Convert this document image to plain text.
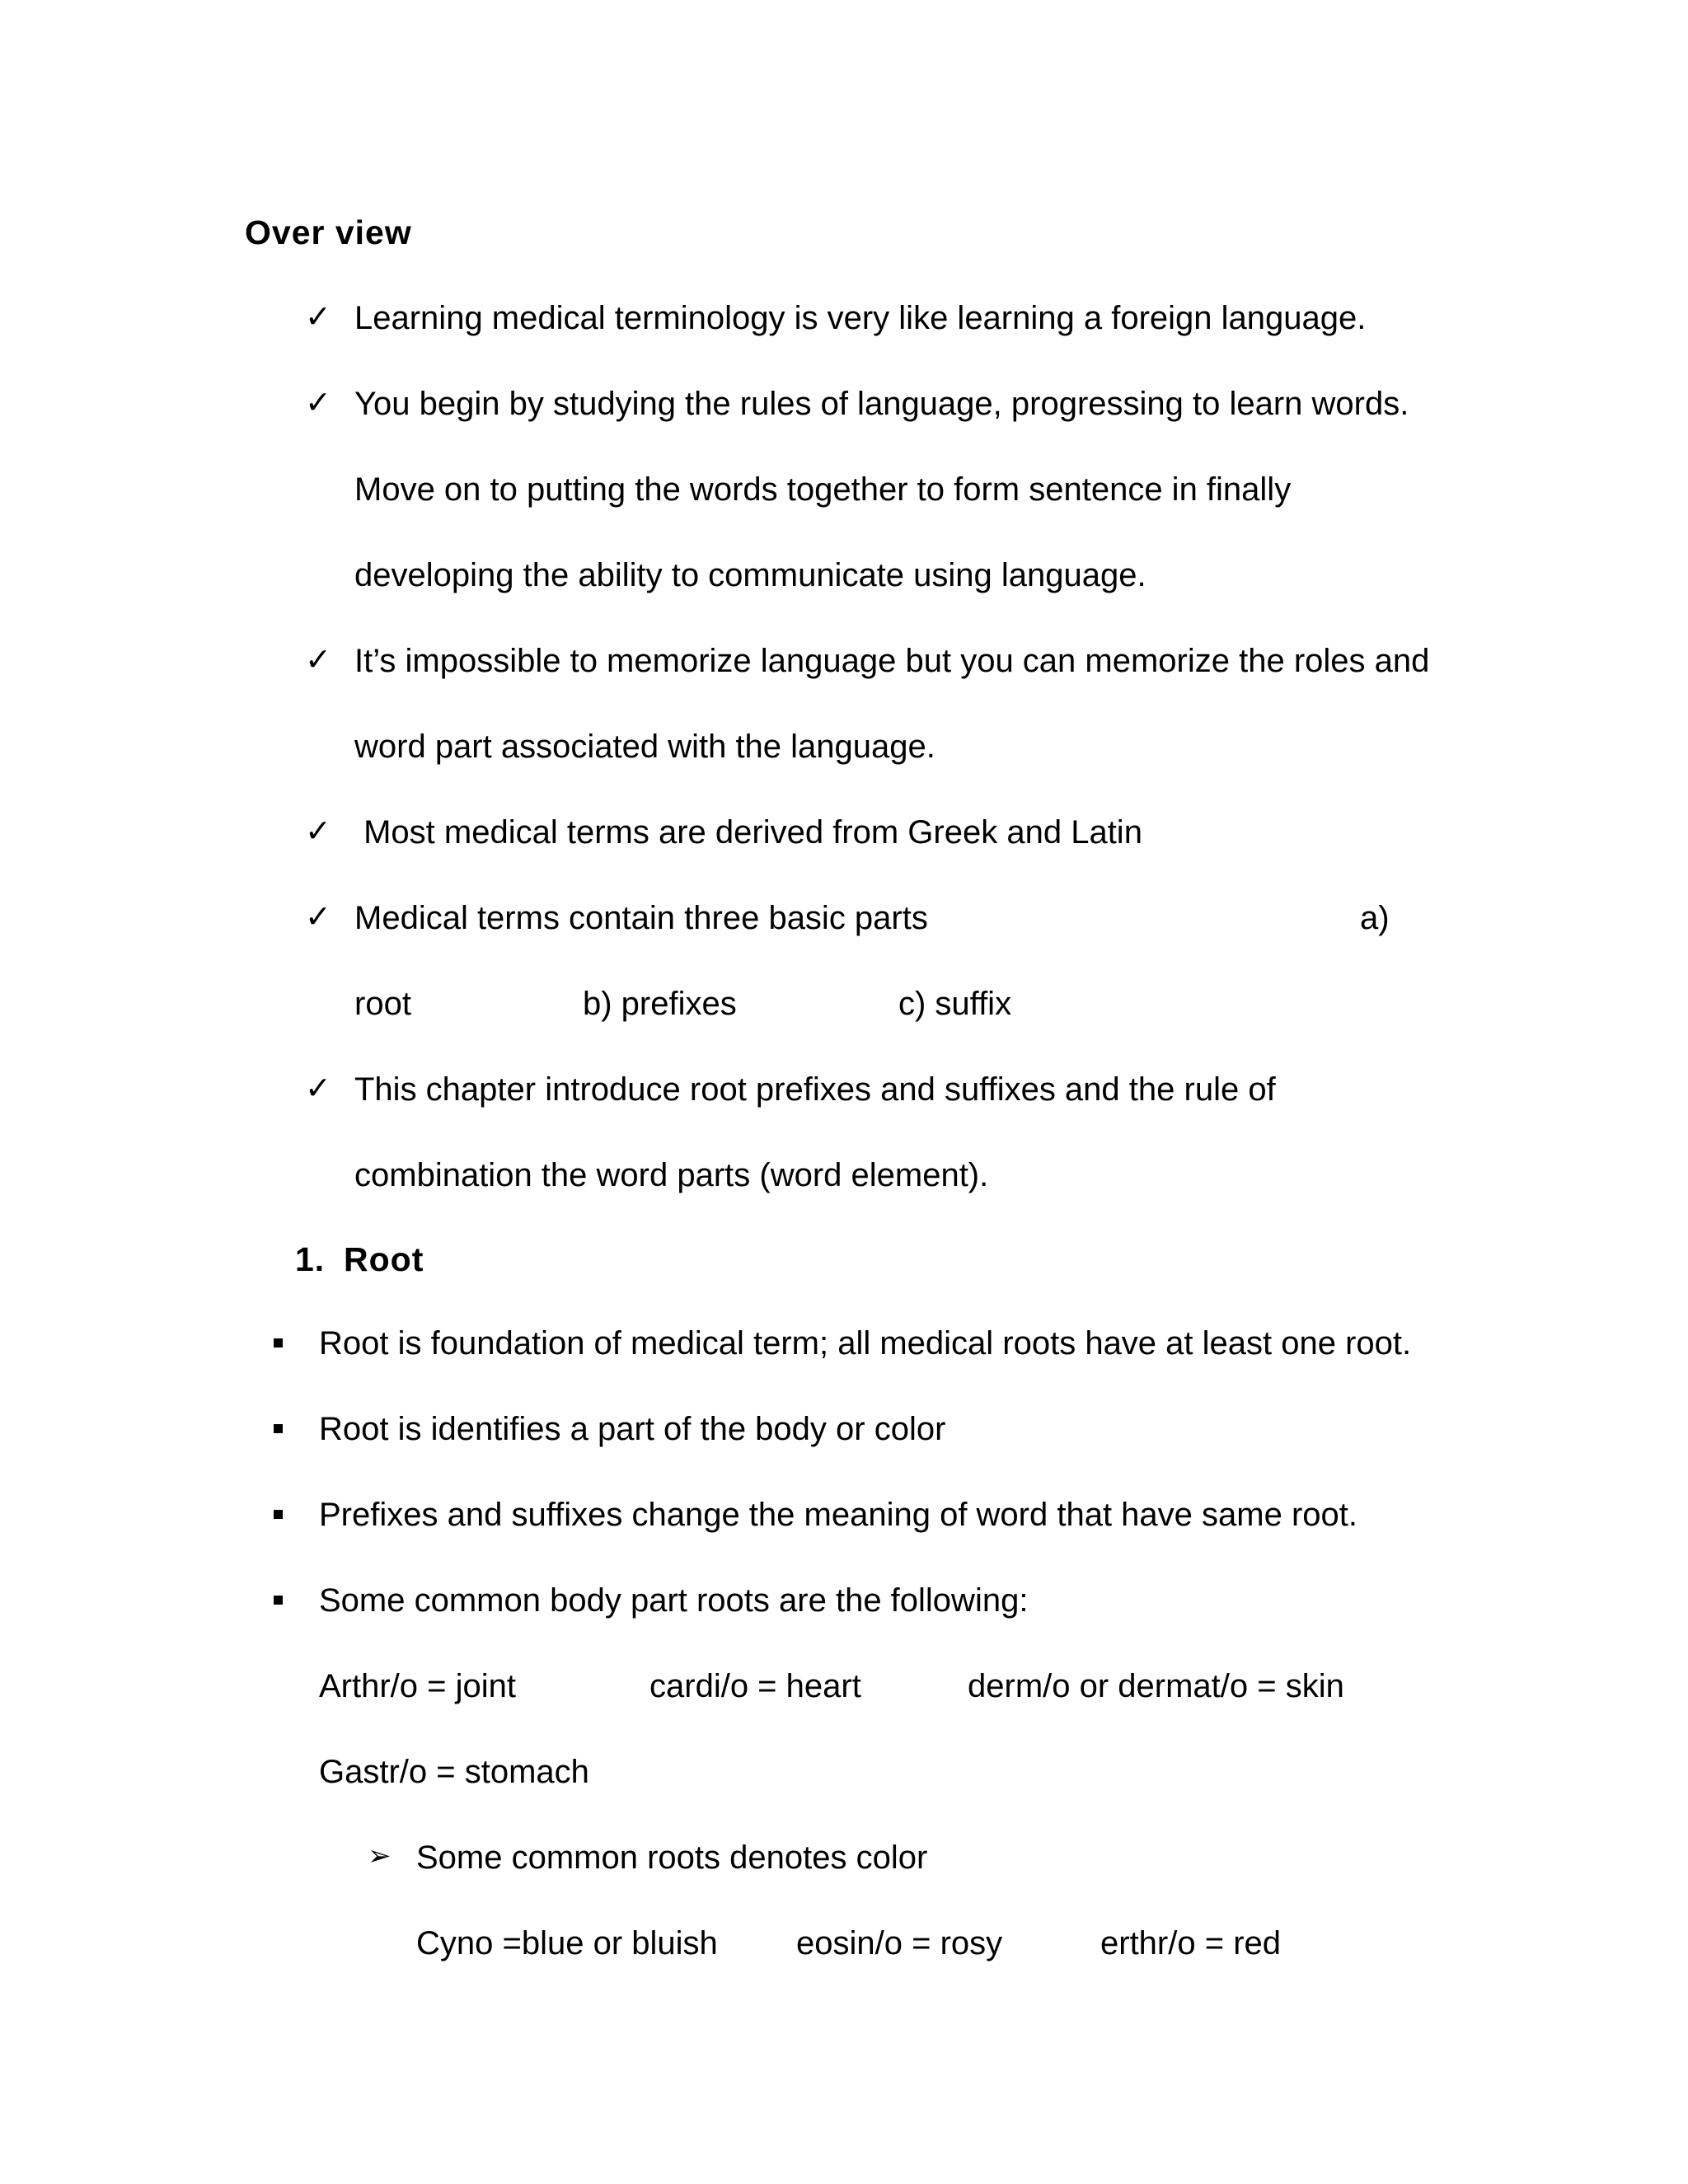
Over view
✓ Learning medical terminology is very like learning a foreign language.
✓ You begin by studying the rules of language, progressing to learn words.
Move on to putting the words together to form sentence in finally
developing the ability to communicate using language.
✓ It’s impossible to memorize language but you can memorize the roles and
word part associated with the language.
✓ Most medical terms are derived from Greek and Latin
✓ Medical terms contain three basic parts	a)
root	b) prefixes	c) suffix
✓ This chapter introduce root prefixes and suffixes and the rule of
combination the word parts (word element).
1. Root
Root is foundation of medical term; all medical roots have at least one root.
Root is identifies a part of the body or color
Prefixes and suffixes change the meaning of word that have same root.
Some common body part roots are the following:
Arthr/o = joint	cardi/o = heart	derm/o or dermat/o = skin
Gastr/o = stomach
➢ Some common roots denotes color
Cyno =blue or bluish eosin/o = rosy	erthr/o = red
